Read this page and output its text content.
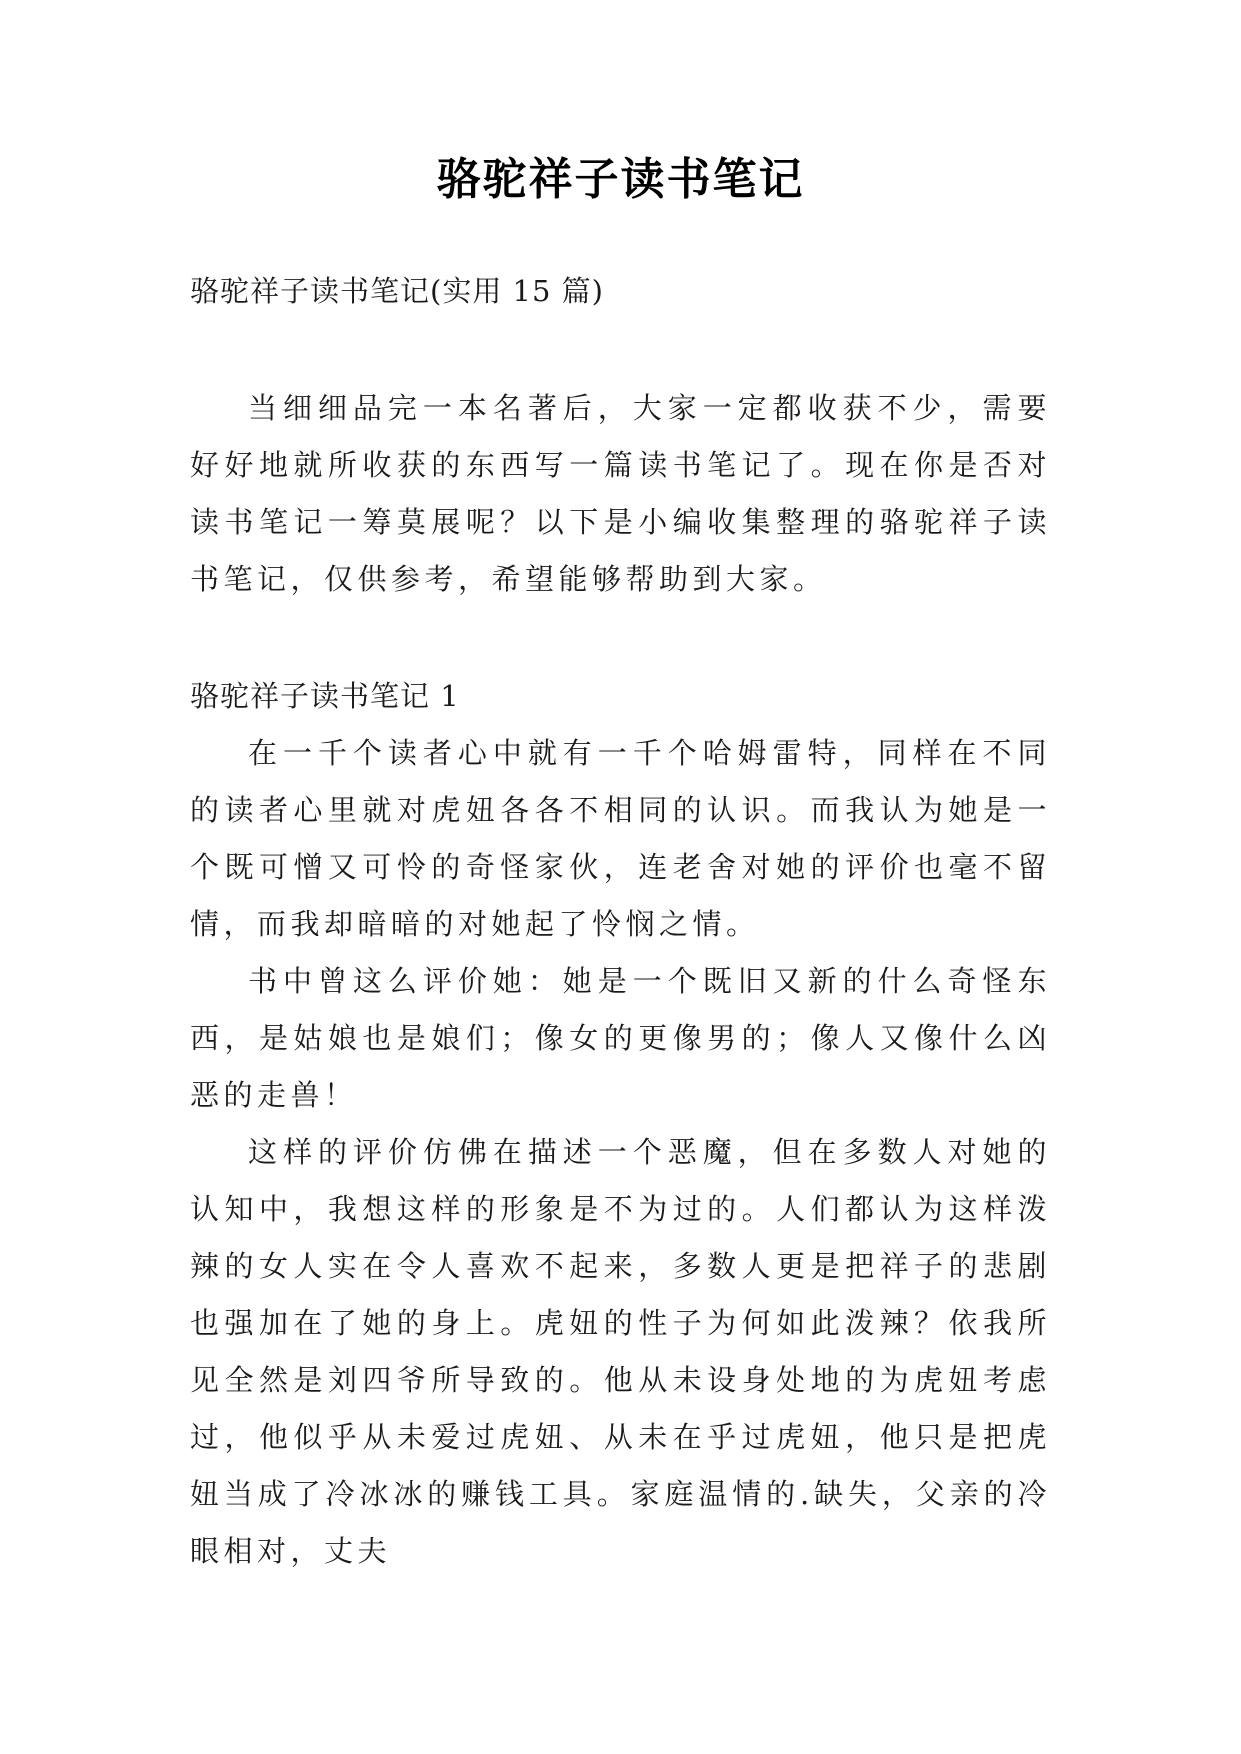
骆驼祥子读书笔记

骆驼祥子读书笔记(实用 15 篇)

当细细品完一本名著后，大家一定都收获不少，需要好好地就所收获的东西写一篇读书笔记了。现在你是否对读书笔记一筹莫展呢？以下是小编收集整理的骆驼祥子读书笔记，仅供参考，希望能够帮助到大家。

骆驼祥子读书笔记 1

在一千个读者心中就有一千个哈姆雷特，同样在不同的读者心里就对虎妞各各不相同的认识。而我认为她是一个既可憎又可怜的奇怪家伙，连老舍对她的评价也毫不留情，而我却暗暗的对她起了怜悯之情。

书中曾这么评价她：她是一个既旧又新的什么奇怪东西，是姑娘也是娘们；像女的更像男的；像人又像什么凶恶的走兽！

这样的评价仿佛在描述一个恶魔，但在多数人对她的认知中，我想这样的形象是不为过的。人们都认为这样泼辣的女人实在令人喜欢不起来，多数人更是把祥子的悲剧也强加在了她的身上。虎妞的性子为何如此泼辣？依我所见全然是刘四爷所导致的。他从未设身处地的为虎妞考虑过，他似乎从未爱过虎妞、从未在乎过虎妞，他只是把虎妞当成了冷冰冰的赚钱工具。家庭温情的.缺失，父亲的冷眼相对，丈夫
